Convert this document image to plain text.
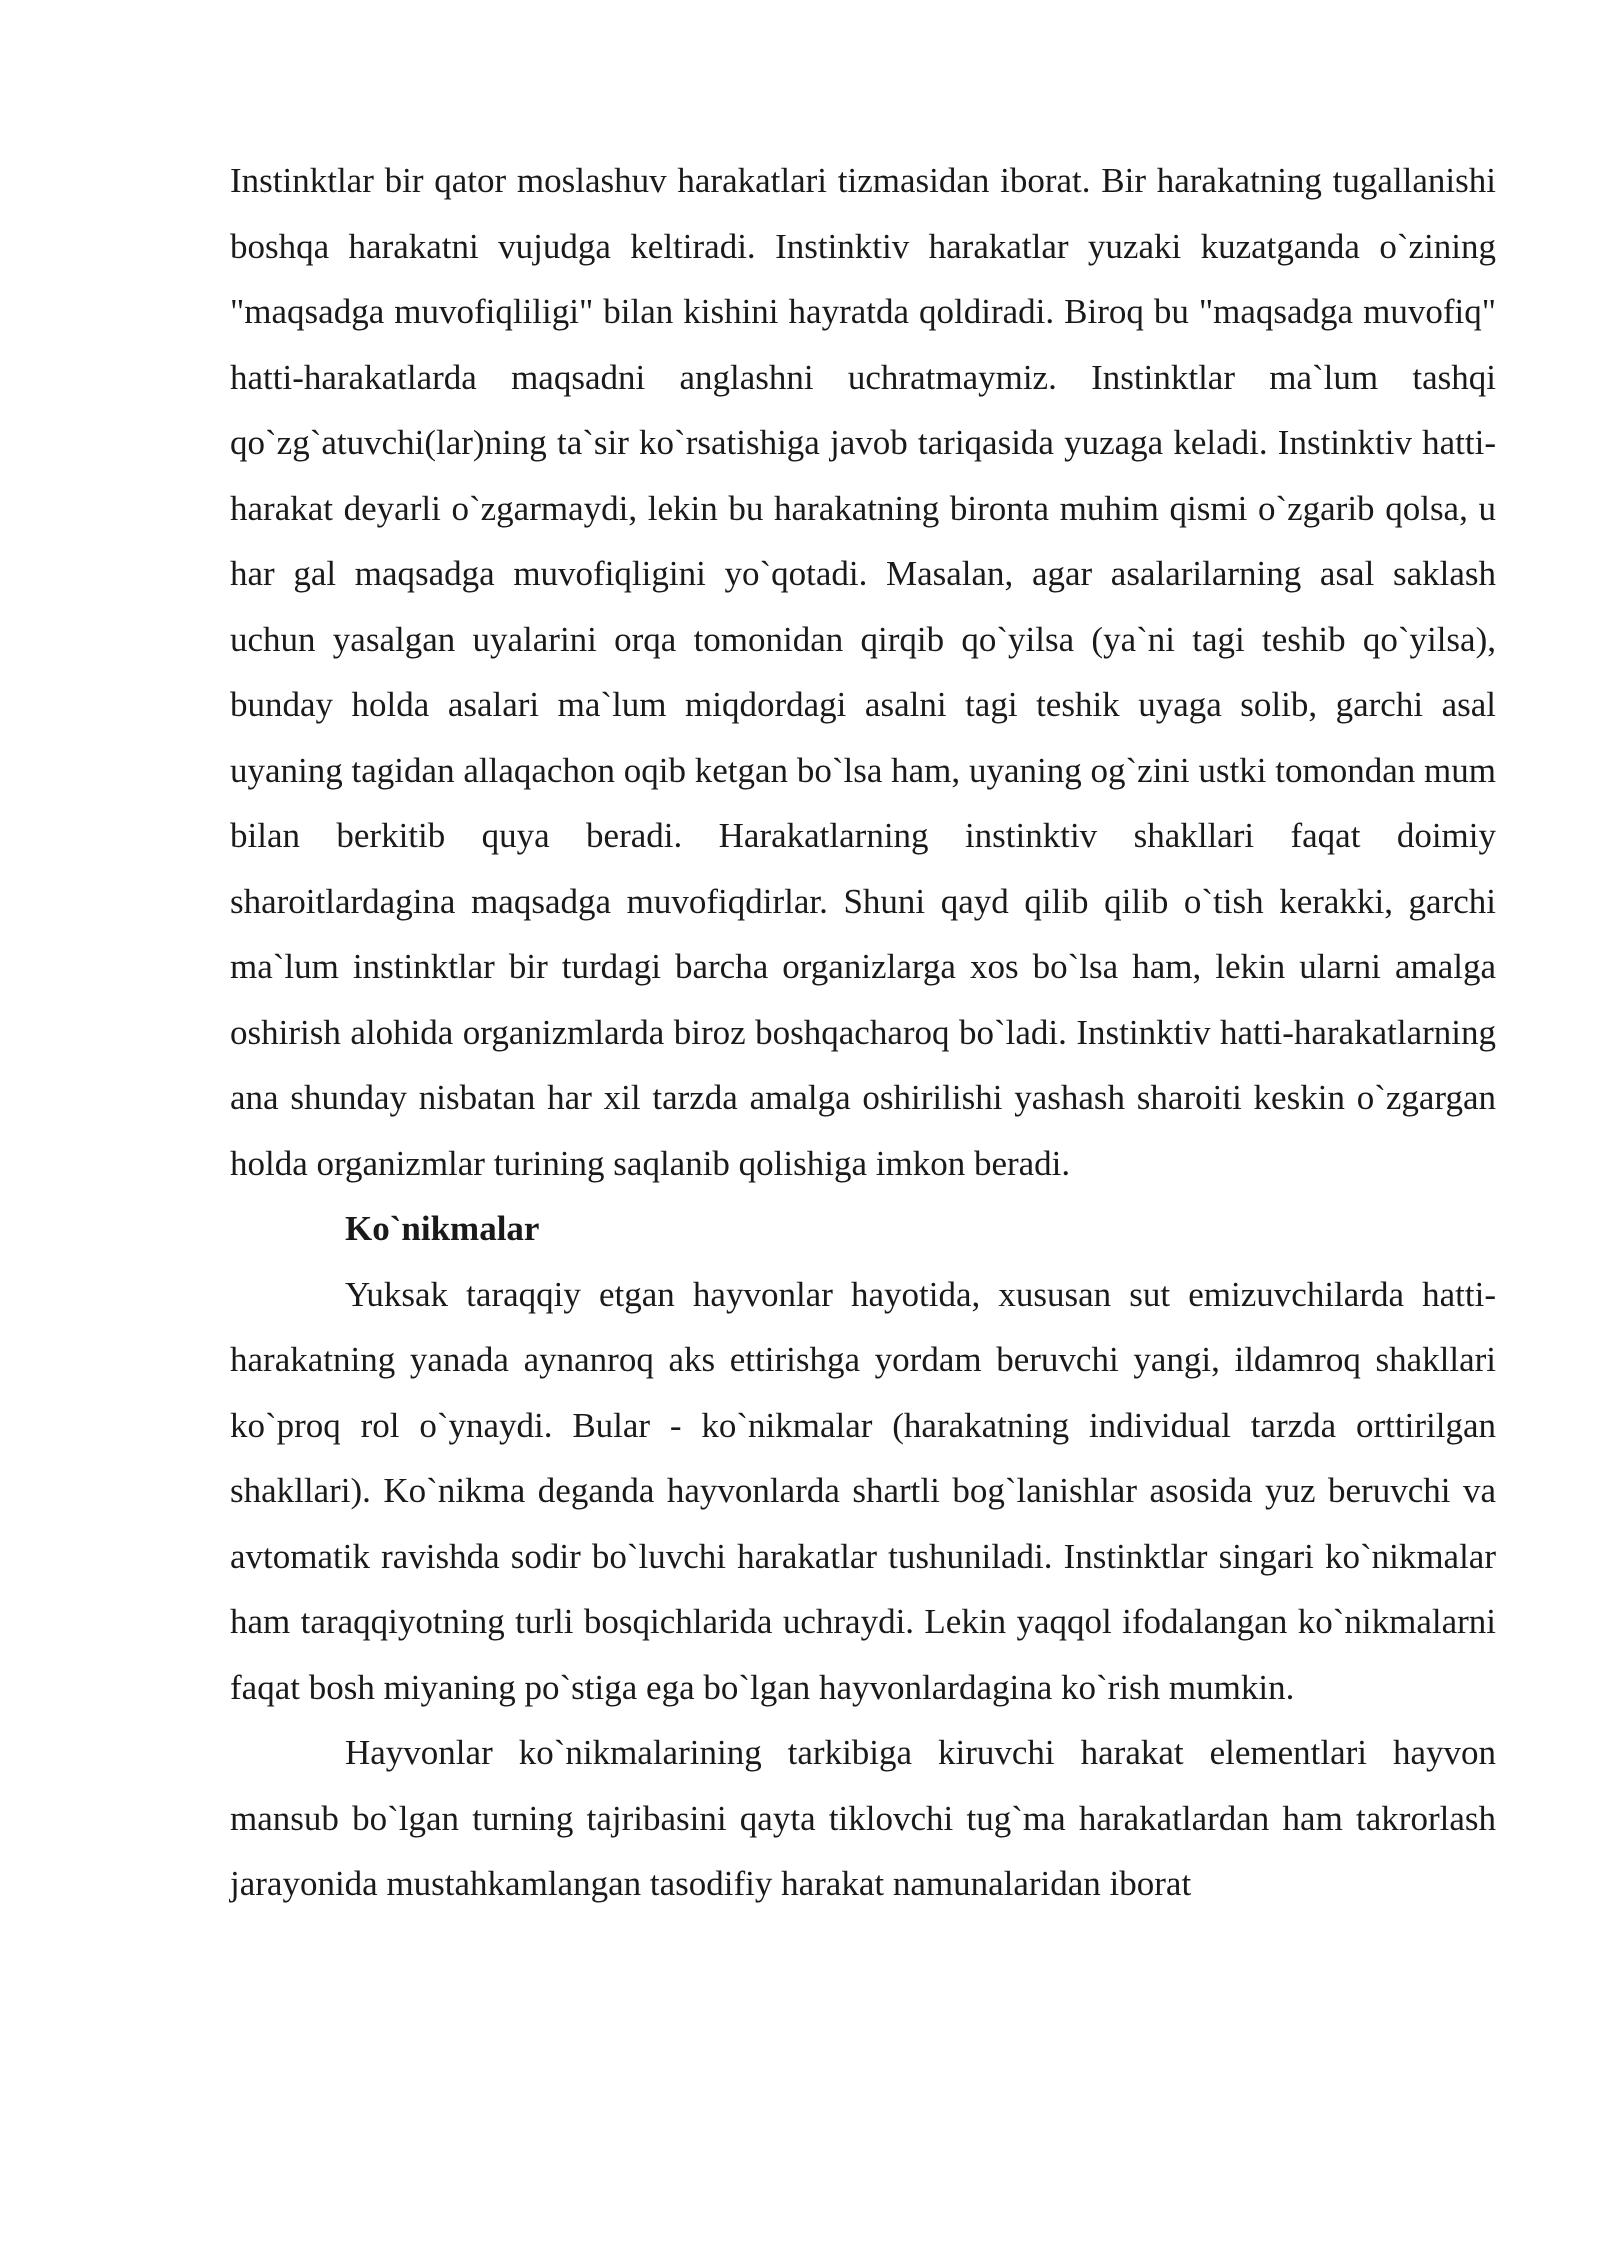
Instinktlar bir qator moslashuv harakatlari tizmasidan iborat. Bir harakatning tugallanishi boshqa harakatni vujudga keltiradi. Instinktiv harakatlar yuzaki kuzatganda o`zining "maqsadga muvofiqliligi" bilan kishini hayratda qoldiradi. Biroq bu "maqsadga muvofiq" hatti-harakatlarda maqsadni anglashni uchratmaymiz. Instinktlar ma`lum tashqi qo`zg`atuvchi(lar)ning ta`sir ko`rsatishiga javob tariqasida yuzaga keladi. Instinktiv hatti-harakat deyarli o`zgarmaydi, lekin bu harakatning bironta muhim qismi o`zgarib qolsa, u har gal maqsadga muvofiqligini yo`qotadi. Masalan, agar asalarilarning asal saklash uchun yasalgan uyalarini orqa tomonidan qirqib qo`yilsa (ya`ni tagi teshib qo`yilsa), bunday holda asalari ma`lum miqdordagi asalni tagi teshik uyaga solib, garchi asal uyaning tagidan allaqachon oqib ketgan bo`lsa ham, uyaning og`zini ustki tomondan mum bilan berkitib quya beradi. Harakatlarning instinktiv shakllari faqat doimiy sharoitlardagina maqsadga muvofiqdirlar. Shuni qayd qilib qilib o`tish kerakki, garchi ma`lum instinktlar bir turdagi barcha organizlarga xos bo`lsa ham, lekin ularni amalga oshirish alohida organizmlarda biroz boshqacharoq bo`ladi. Instinktiv hatti-harakatlarning ana shunday nisbatan har xil tarzda amalga oshirilishi yashash sharoiti keskin o`zgargan holda organizmlar turining saqlanib qolishiga imkon beradi.

Ko`nikmalar

Yuksak taraqqiy etgan hayvonlar hayotida, xususan sut emizuvchilarda hatti-harakatning yanada aynanroq aks ettirishga yordam beruvchi yangi, ildamroq shakllari ko`proq rol o`ynaydi. Bular - ko`nikmalar (harakatning individual tarzda orttirilgan shakllari). Ko`nikma deganda hayvonlarda shartli bog`lanishlar asosida yuz beruvchi va avtomatik ravishda sodir bo`luvchi harakatlar tushuniladi. Instinktlar singari ko`nikmalar ham taraqqiyotning turli bosqichlarida uchraydi. Lekin yaqqol ifodalangan ko`nikmalarni faqat bosh miyaning po`stiga ega bo`lgan hayvonlardagina ko`rish mumkin.

Hayvonlar ko`nikmalarining tarkibiga kiruvchi harakat elementlari hayvon mansub bo`lgan turning tajribasini qayta tiklovchi tug`ma harakatlardan ham takrorlash jarayonida mustahkamlangan tasodifiy harakat namunalaridan iborat
